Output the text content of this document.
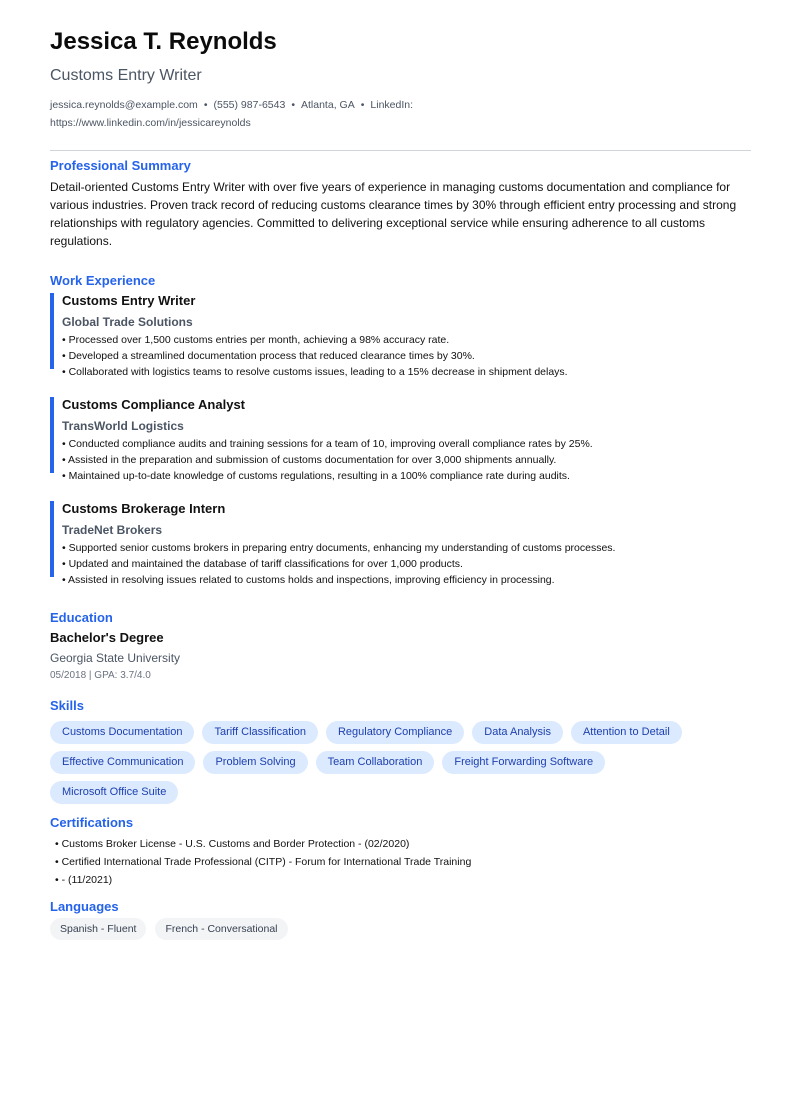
Jessica T. Reynolds
Customs Entry Writer
jessica.reynolds@example.com • (555) 987-6543 • Atlanta, GA • LinkedIn:
https://www.linkedin.com/in/jessicareynolds
Professional Summary
Detail-oriented Customs Entry Writer with over five years of experience in managing customs documentation and compliance for various industries. Proven track record of reducing customs clearance times by 30% through efficient entry processing and strong relationships with regulatory agencies. Committed to delivering exceptional service while ensuring adherence to all customs regulations.
Work Experience
Customs Entry Writer
Global Trade Solutions
• Processed over 1,500 customs entries per month, achieving a 98% accuracy rate.
• Developed a streamlined documentation process that reduced clearance times by 30%.
• Collaborated with logistics teams to resolve customs issues, leading to a 15% decrease in shipment delays.
Customs Compliance Analyst
TransWorld Logistics
• Conducted compliance audits and training sessions for a team of 10, improving overall compliance rates by 25%.
• Assisted in the preparation and submission of customs documentation for over 3,000 shipments annually.
• Maintained up-to-date knowledge of customs regulations, resulting in a 100% compliance rate during audits.
Customs Brokerage Intern
TradeNet Brokers
• Supported senior customs brokers in preparing entry documents, enhancing my understanding of customs processes.
• Updated and maintained the database of tariff classifications for over 1,000 products.
• Assisted in resolving issues related to customs holds and inspections, improving efficiency in processing.
Education
Bachelor's Degree
Georgia State University
05/2018 | GPA: 3.7/4.0
Skills
Customs Documentation	Tariff Classification	Regulatory Compliance	Data Analysis	Attention to Detail
Effective Communication	Problem Solving	Team Collaboration	Freight Forwarding Software
Microsoft Office Suite
Certifications
• Customs Broker License - U.S. Customs and Border Protection - (02/2020)
• Certified International Trade Professional (CITP) - Forum for International Trade Training
• - (11/2021)
Languages
Spanish - Fluent	French - Conversational
